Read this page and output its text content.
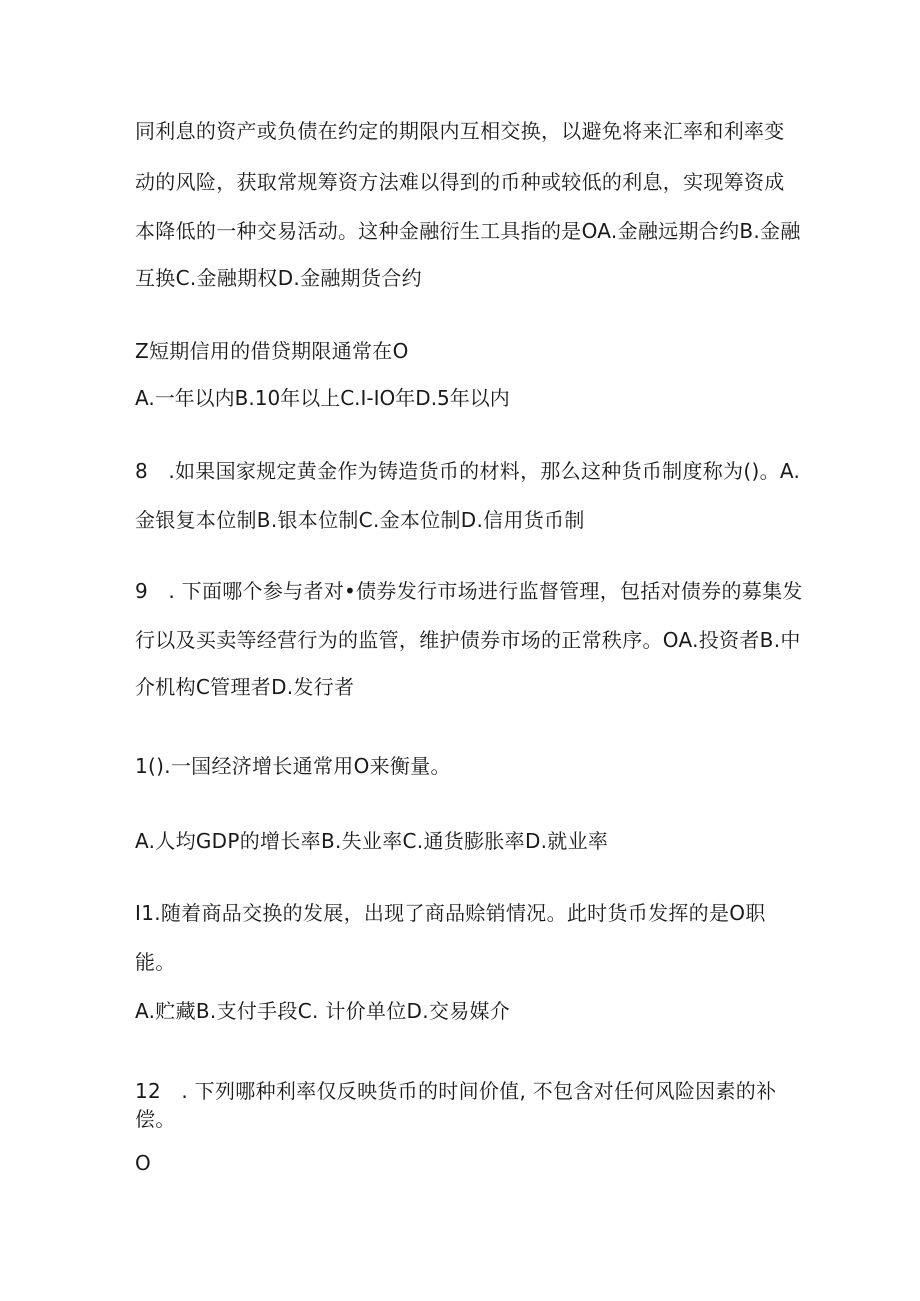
同利息的资产或负债在约定的期限内互相交换，以避免将来汇率和利率变
动的风险，获取常规筹资方法难以得到的币种或较低的利息，实现筹资成
本降低的一种交易活动。这种金融衍生工具指的是OA.金融远期合约B.金融
互换C.金融期权D.金融期货合约
Z短期信用的借贷期限通常在O
A.一年以内B.10年以上C.I-IO年D.5年以内
8　.如果国家规定黄金作为铸造货币的材料，那么这种货币制度称为()。A.
金银复本位制B.银本位制C.金本位制D.信用货币制
9　. 下面哪个参与者对•债券发行市场进行监督管理，包括对债券的募集发
行以及买卖等经营行为的监管，维护债券市场的正常秩序。OA.投资者B.中
介机构C管理者D.发行者
1().一国经济增长通常用O来衡量。
A.人均GDP的增长率B.失业率C.通货膨胀率D.就业率
I1.随着商品交换的发展，出现了商品赊销情况。此时货币发挥的是O职
能。
A.贮藏B.支付手段C. 计价单位D.交易媒介
12　. 下列哪种利率仅反映货币的时间价值, 不包含对任何风险因素的补
偿。
O
